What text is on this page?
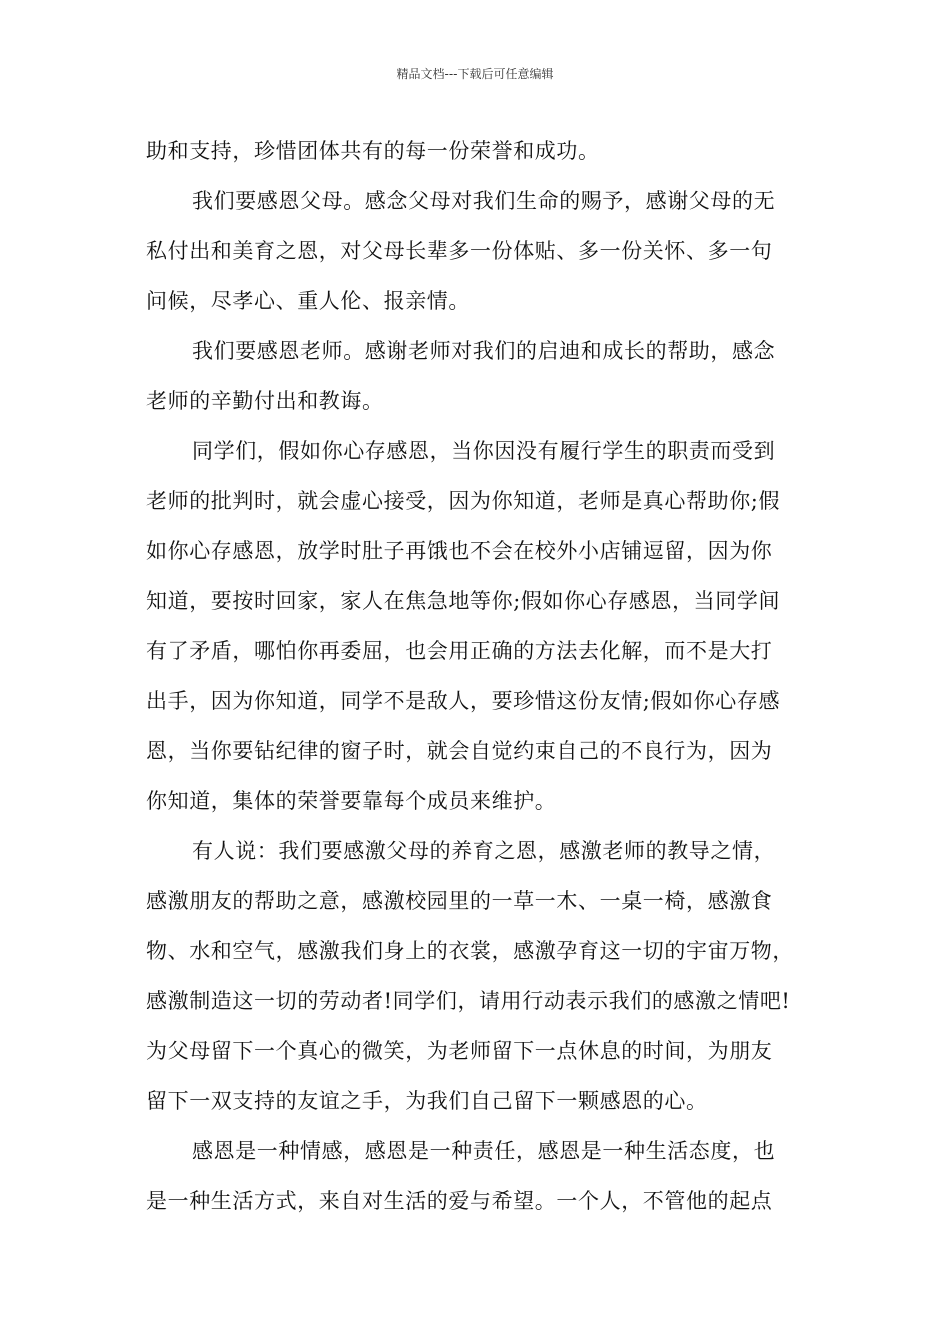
精品文档---下载后可任意编辑
助和支持，珍惜团体共有的每一份荣誉和成功。
我们要感恩父母。感念父母对我们生命的赐予，感谢父母的无
私付出和美育之恩，对父母长辈多一份体贴、多一份关怀、多一句
问候，尽孝心、重人伦、报亲情。
我们要感恩老师。感谢老师对我们的启迪和成长的帮助，感念
老师的辛勤付出和教诲。
同学们，假如你心存感恩，当你因没有履行学生的职责而受到
老师的批判时，就会虚心接受，因为你知道，老师是真心帮助你;假
如你心存感恩，放学时肚子再饿也不会在校外小店铺逗留，因为你
知道，要按时回家，家人在焦急地等你;假如你心存感恩，当同学间
有了矛盾，哪怕你再委屈，也会用正确的方法去化解，而不是大打
出手，因为你知道，同学不是敌人，要珍惜这份友情;假如你心存感
恩，当你要钻纪律的窗子时，就会自觉约束自己的不良行为，因为
你知道，集体的荣誉要靠每个成员来维护。
有人说：我们要感激父母的养育之恩，感激老师的教导之情，
感激朋友的帮助之意，感激校园里的一草一木、一桌一椅，感激食
物、水和空气，感激我们身上的衣裳，感激孕育这一切的宇宙万物，
感激制造这一切的劳动者!同学们，请用行动表示我们的感激之情吧!
为父母留下一个真心的微笑，为老师留下一点休息的时间，为朋友
留下一双支持的友谊之手，为我们自己留下一颗感恩的心。
感恩是一种情感，感恩是一种责任，感恩是一种生活态度，也
是一种生活方式，来自对生活的爱与希望。一个人，不管他的起点
